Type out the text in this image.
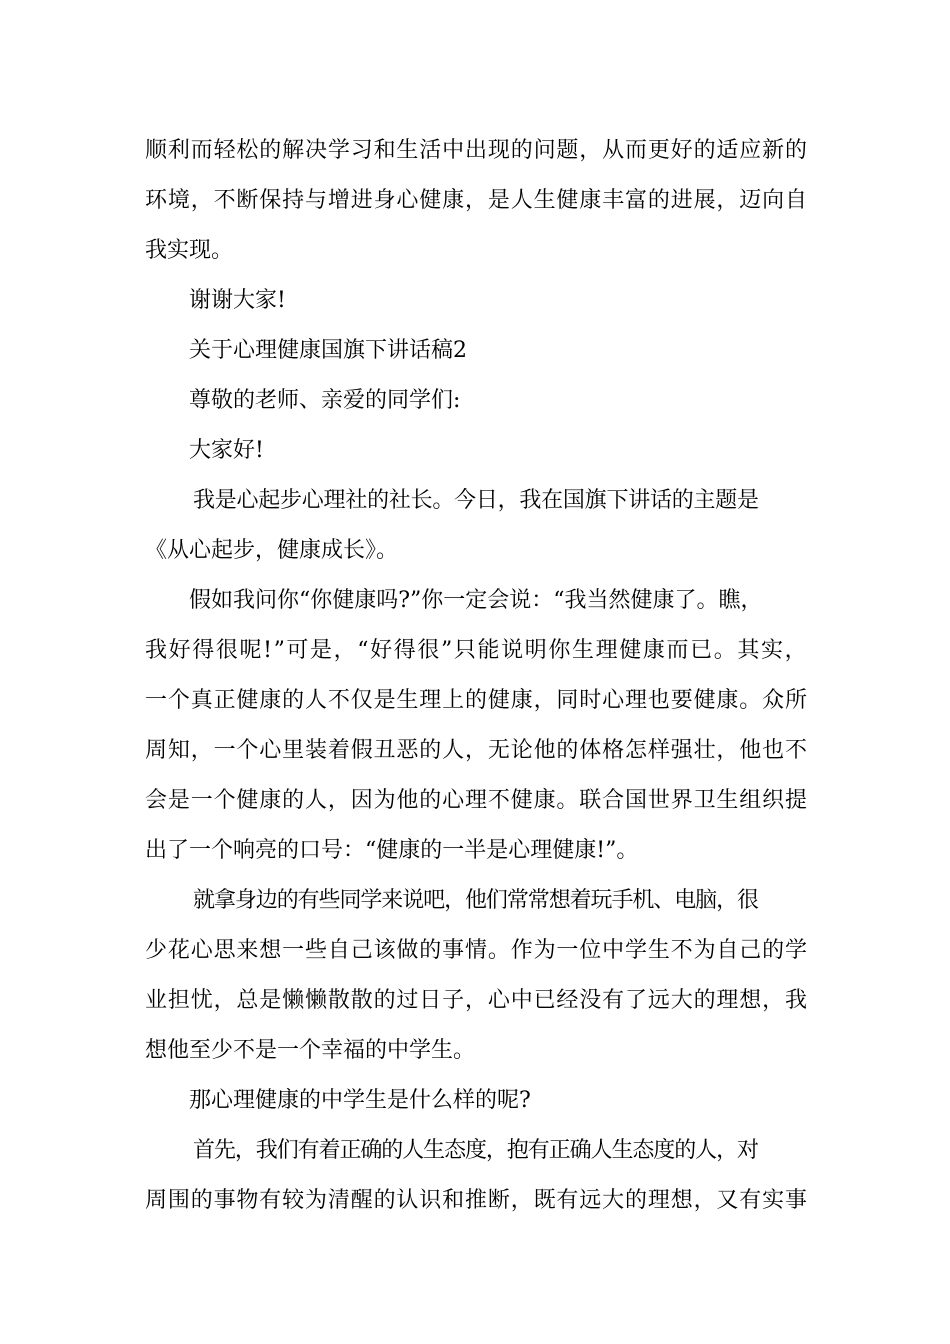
顺利而轻松的解决学习和生活中出现的问题，从而更好的适应新的
环境，不断保持与增进身心健康，是人生健康丰富的进展，迈向自
我实现。

谢谢大家!

关于心理健康国旗下讲话稿2

尊敬的老师、亲爱的同学们:

大家好!

我是心起步心理社的社长。今日，我在国旗下讲话的主题是
《从心起步，健康成长》。

假如我问你“你健康吗?”你一定会说：“我当然健康了。瞧，
我好得很呢!”可是，“好得很”只能说明你生理健康而已。其实，
一个真正健康的人不仅是生理上的健康，同时心理也要健康。众所
周知，一个心里装着假丑恶的人，无论他的体格怎样强壮，他也不
会是一个健康的人，因为他的心理不健康。联合国世界卫生组织提
出了一个响亮的口号：“健康的一半是心理健康!”。

就拿身边的有些同学来说吧，他们常常想着玩手机、电脑，很
少花心思来想一些自己该做的事情。作为一位中学生不为自己的学
业担忧，总是懒懒散散的过日子，心中已经没有了远大的理想，我
想他至少不是一个幸福的中学生。

那心理健康的中学生是什么样的呢?

首先，我们有着正确的人生态度，抱有正确人生态度的人，对
周围的事物有较为清醒的认识和推断，既有远大的理想，又有实事
